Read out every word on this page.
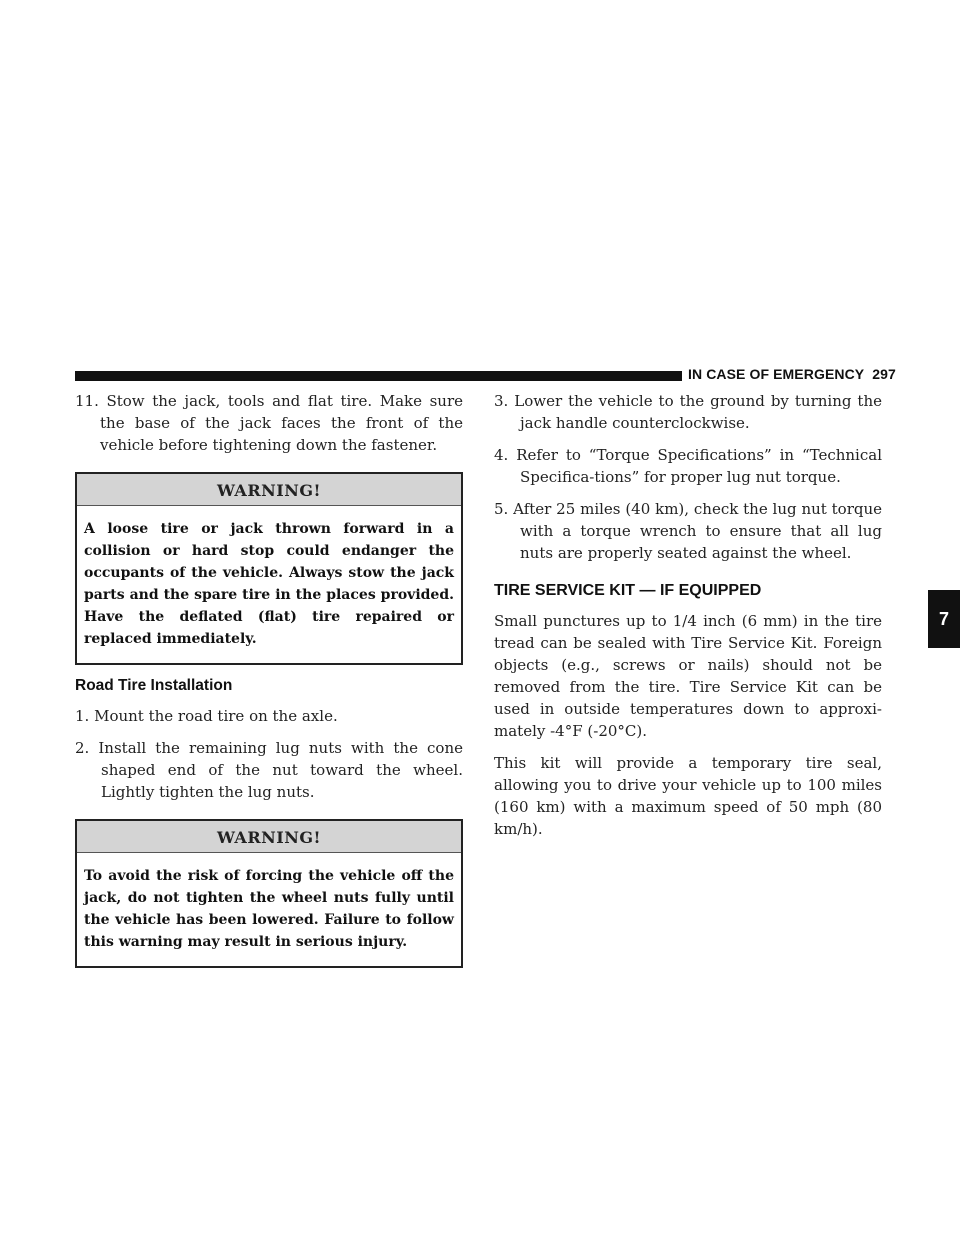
IN CASE OF EMERGENCY 297
7

11. Stow the jack, tools and flat tire. Make sure the base of the jack faces the front of the vehicle before tightening down the fastener.

WARNING!
A loose tire or jack thrown forward in a collision or hard stop could endanger the occupants of the vehicle. Always stow the jack parts and the spare tire in the places provided. Have the deflated (flat) tire repaired or replaced immediately.
Road Tire Installation

1. Mount the road tire on the axle.

2. Install the remaining lug nuts with the cone shaped end of the nut toward the wheel. Lightly tighten the lug nuts.

WARNING!
To avoid the risk of forcing the vehicle off the jack, do not tighten the wheel nuts fully until the vehicle has been lowered. Failure to follow this warning may result in serious injury.

3. Lower the vehicle to the ground by turning the jack handle counterclockwise.

4. Refer to “Torque Specifications” in “Technical Specifica-tions” for proper lug nut torque.

5. After 25 miles (40 km), check the lug nut torque with a torque wrench to ensure that all lug nuts are properly seated against the wheel.

TIRE SERVICE KIT — IF EQUIPPED

Small punctures up to 1/4 inch (6 mm) in the tire tread can be sealed with Tire Service Kit. Foreign objects (e.g., screws or nails) should not be removed from the tire. Tire Service Kit can be used in outside temperatures down to approxi-mately -4°F (-20°C).

This kit will provide a temporary tire seal, allowing you to drive your vehicle up to 100 miles (160 km) with a maximum speed of 50 mph (80 km/h).
